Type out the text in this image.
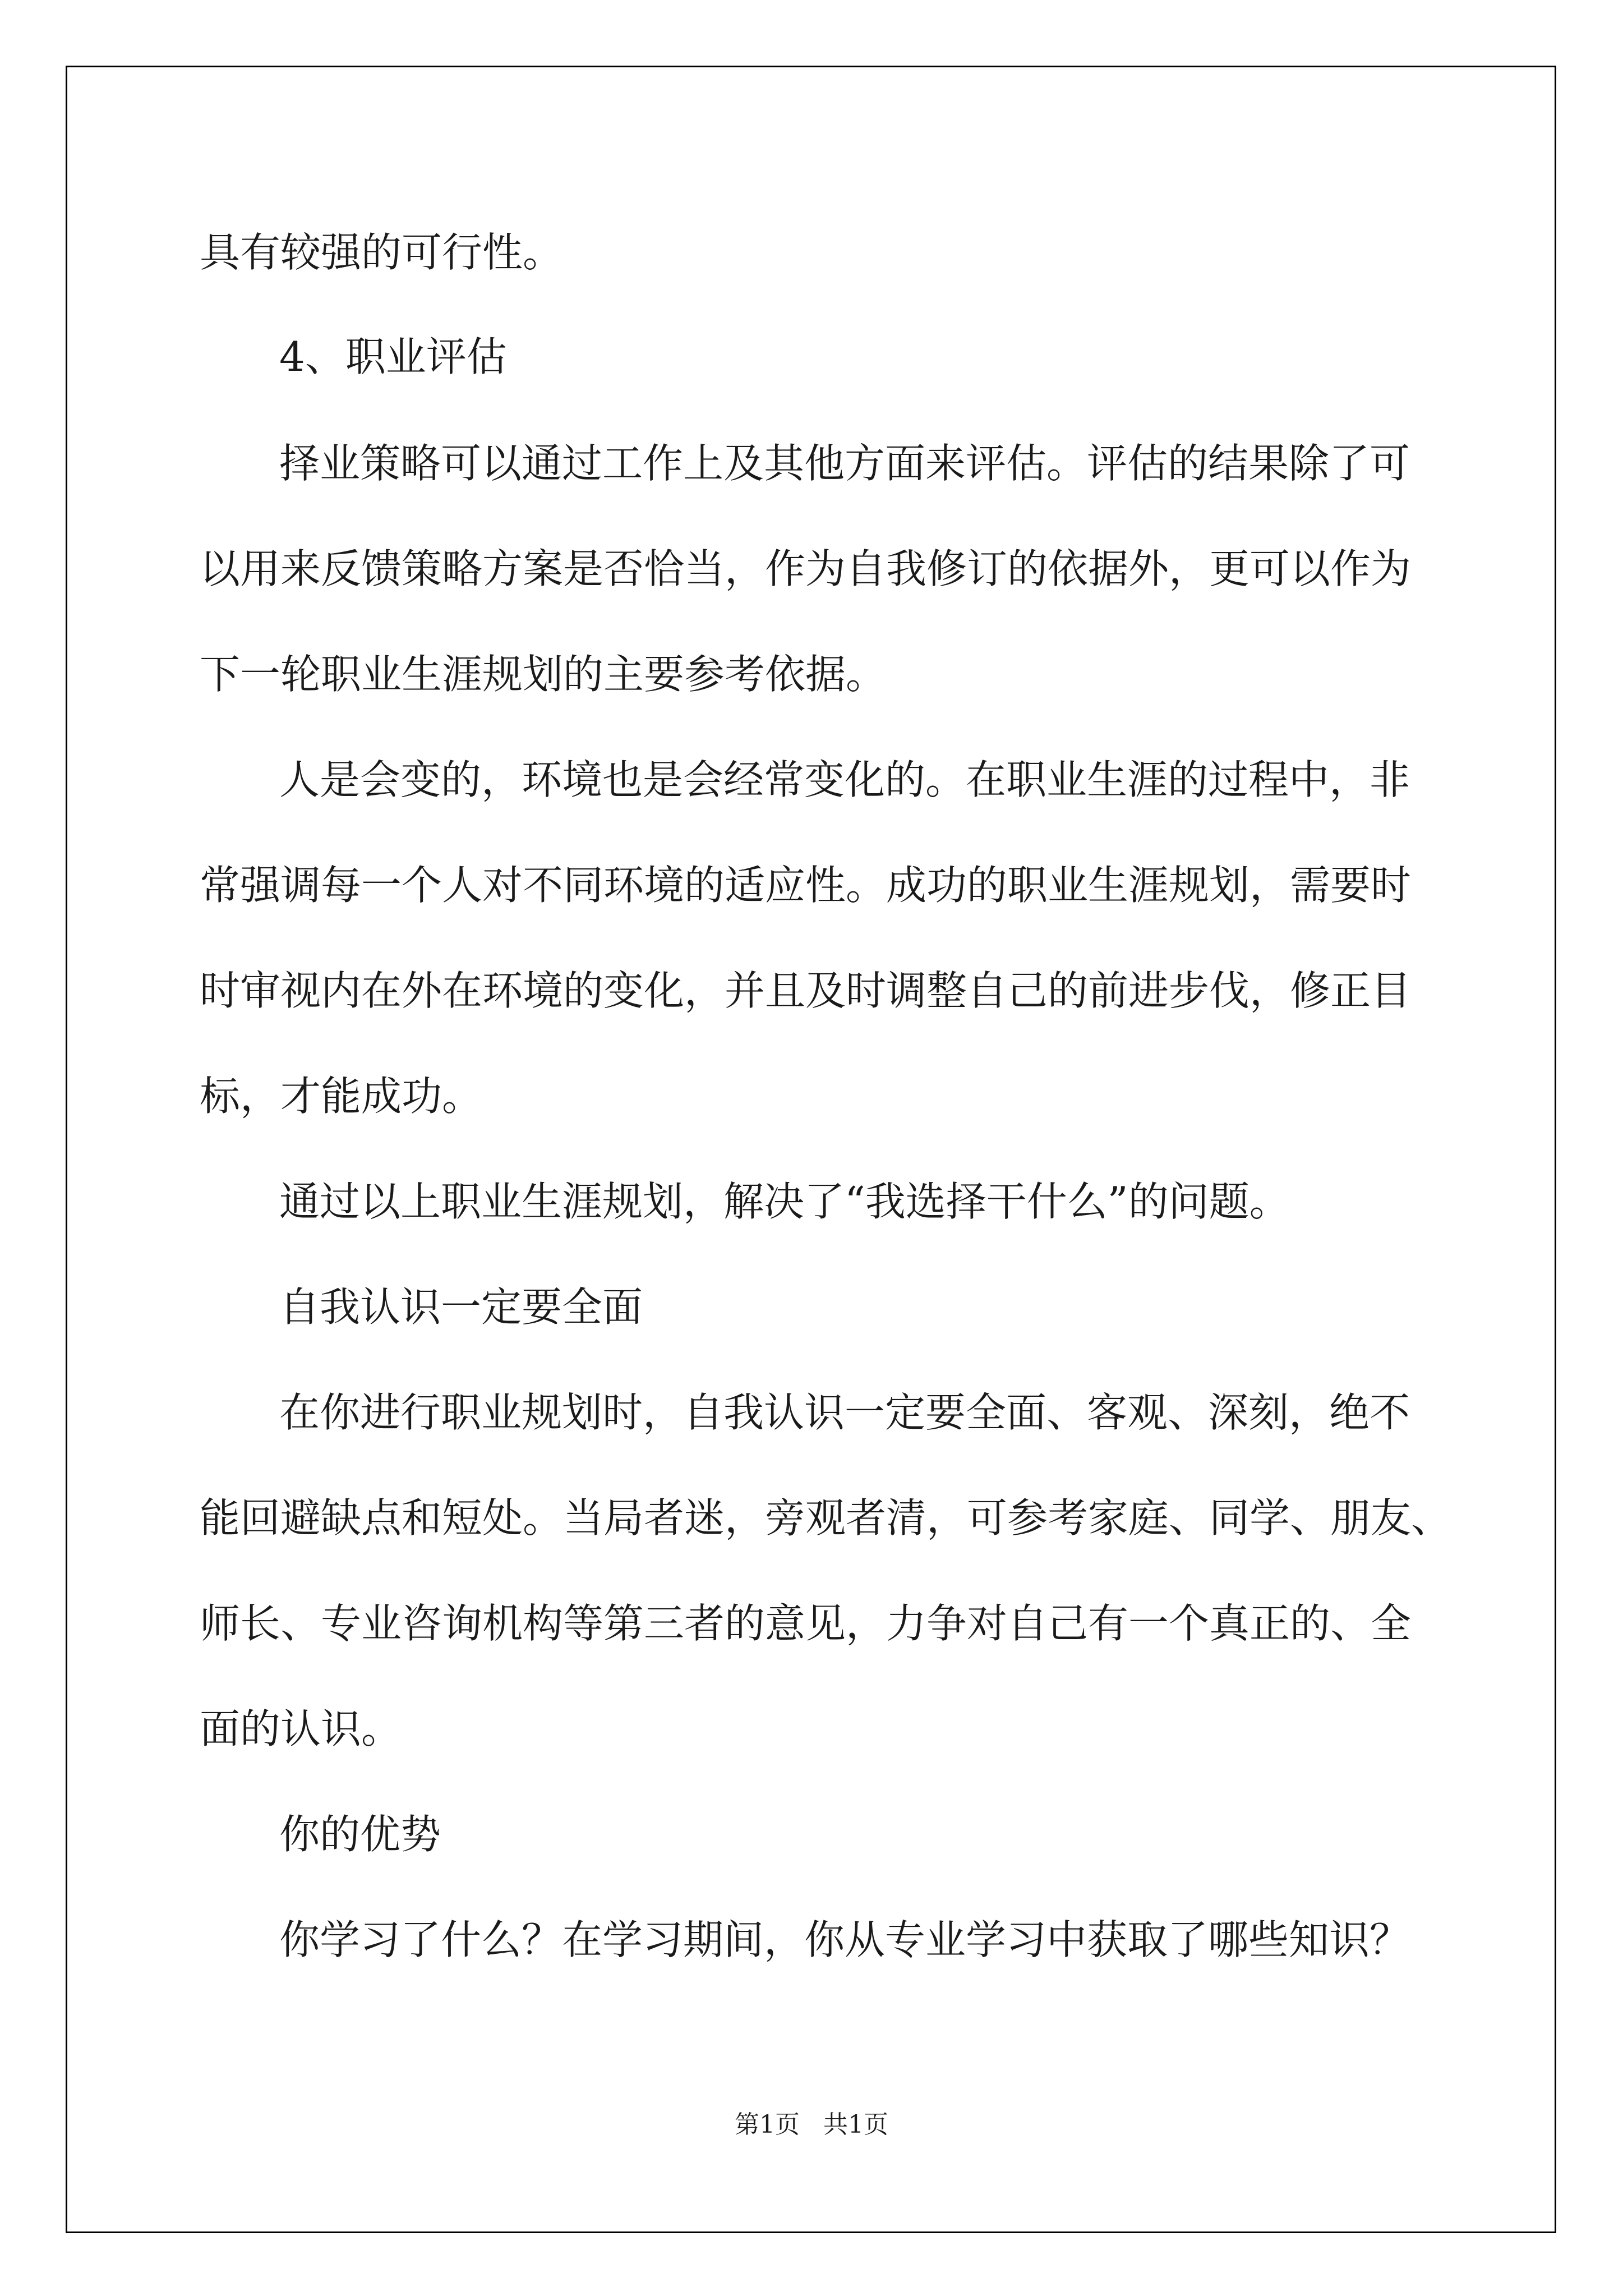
具有较强的可行性。
4、职业评估
择业策略可以通过工作上及其他方面来评估。评估的结果除了可
以用来反馈策略方案是否恰当，作为自我修订的依据外，更可以作为
下一轮职业生涯规划的主要参考依据。
人是会变的，环境也是会经常变化的。在职业生涯的过程中，非
常强调每一个人对不同环境的适应性。成功的职业生涯规划，需要时
时审视内在外在环境的变化，并且及时调整自己的前进步伐，修正目
标，才能成功。
通过以上职业生涯规划，解决了“我选择干什么”的问题。
自我认识一定要全面
在你进行职业规划时，自我认识一定要全面、客观、深刻，绝不
能回避缺点和短处。当局者迷，旁观者清，可参考家庭、同学、朋友、
师长、专业咨询机构等第三者的意见，力争对自己有一个真正的、全
面的认识。
你的优势
你学习了什么？在学习期间，你从专业学习中获取了哪些知识？
第1页 共1页
